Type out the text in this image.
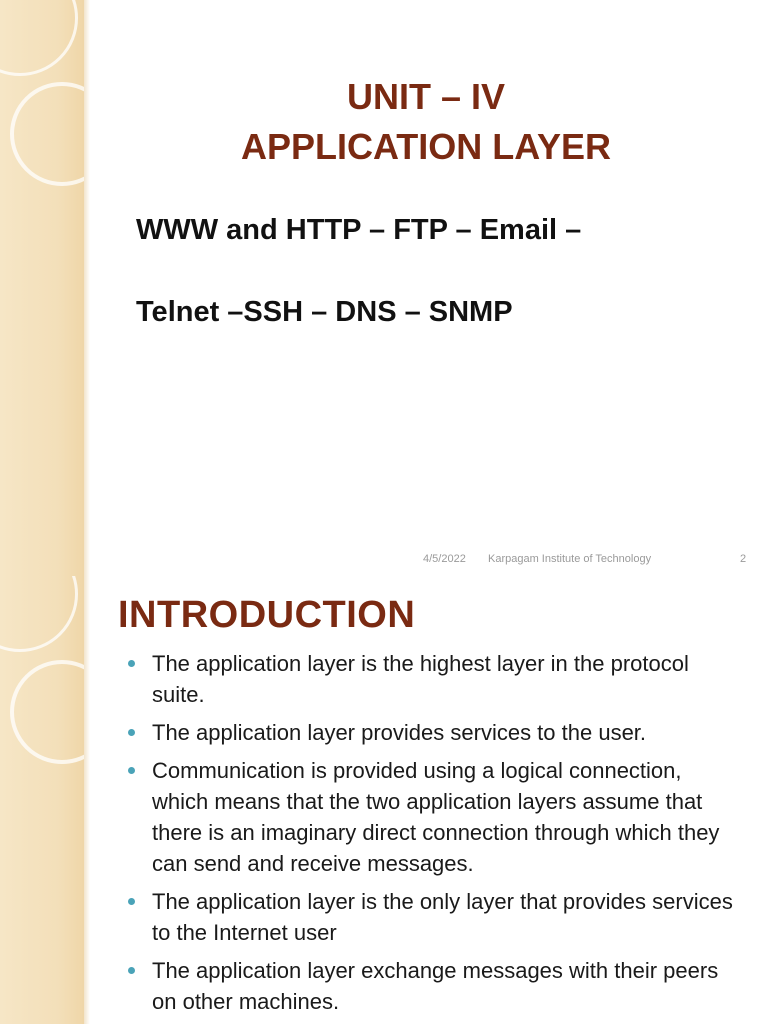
UNIT – IV
APPLICATION LAYER

WWW and HTTP – FTP – Email –

Telnet –SSH – DNS – SNMP

4/5/2022 Karpagam Institute of Technology	2
INTRODUCTION
The application layer is the highest layer in the protocol suite.
The application layer provides services to the user.
Communication is provided using a logical connection, which means that the two application layers assume that there is an imaginary direct connection through which they can send and receive messages.
The application layer is the only layer that provides services to the Internet user
The application layer exchange messages with their peers on other machines.
